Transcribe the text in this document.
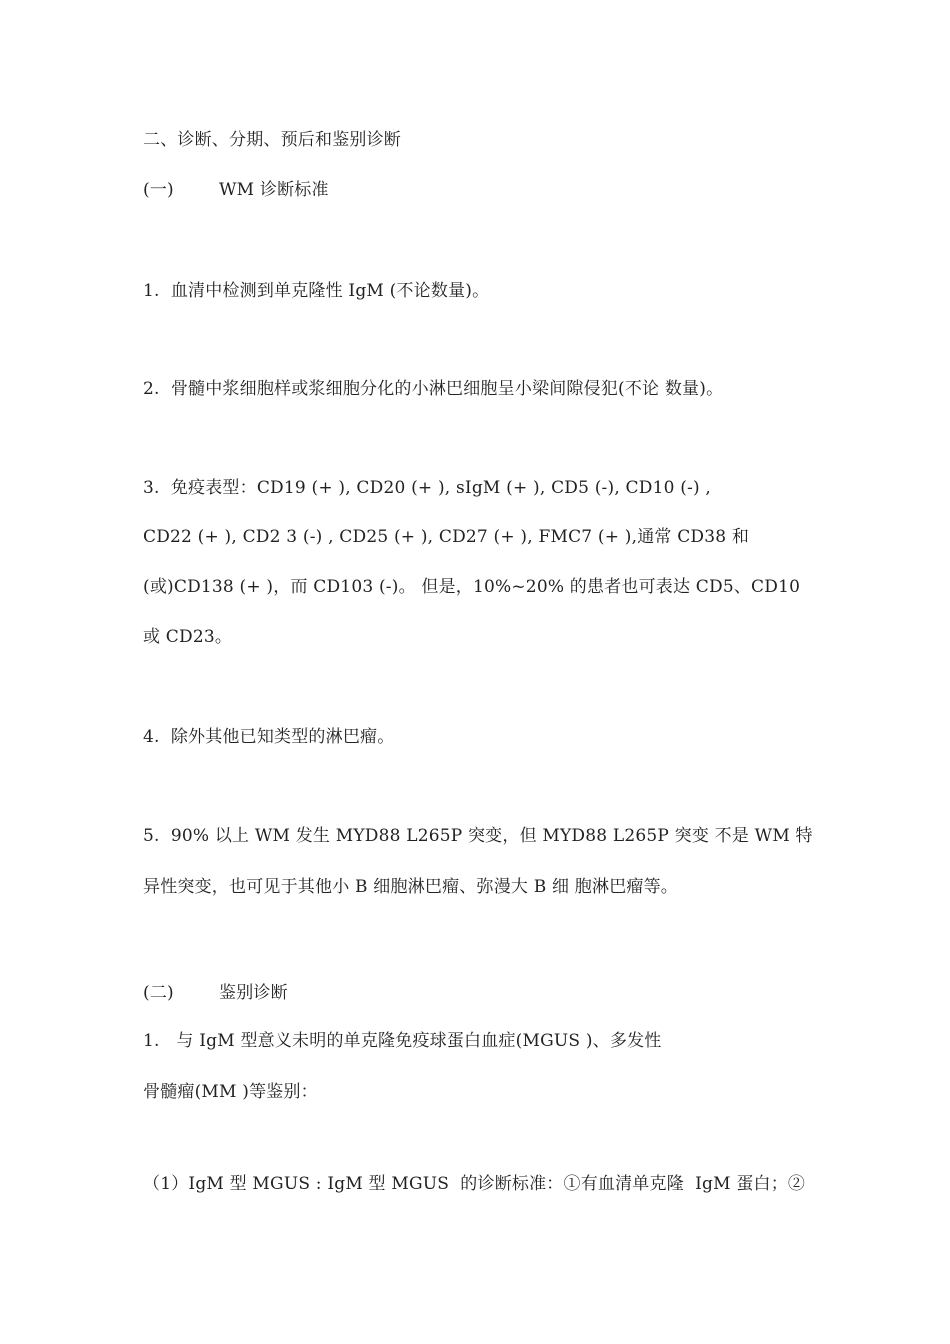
二、诊断、分期、预后和鉴别诊断
(一)	WM 诊断标准
1.  血清中检测到单克隆性 IgM (不论数量)。
2.  骨髓中浆细胞样或浆细胞分化的小淋巴细胞呈小梁间隙侵犯(不论 数量)。
3.  免疫表型：CD19 (+ ), CD20 (+ ), sIgM (+ ), CD5 (-), CD10 (-) ,
CD22 (+ ), CD2 3 (-) , CD25 (+ ), CD27 (+ ), FMC7 (+ ),通常 CD38 和
(或)CD138 (+ )，而 CD103 (-)。 但是，10%~20% 的患者也可表达 CD5、CD10
或 CD23。
4.  除外其他已知类型的淋巴瘤。
5.  90% 以上 WM 发生 MYD88 L265P 突变，但 MYD88 L265P 突变 不是 WM 特
异性突变，也可见于其他小 B 细胞淋巴瘤、弥漫大 B 细 胞淋巴瘤等。
(二)	鉴别诊断
1.   与 IgM 型意义未明的单克隆免疫球蛋白血症(MGUS )、多发性
骨髓瘤(MM )等鉴别：
（1）IgM 型 MGUS : IgM 型 MGUS  的诊断标准：①有血清单克隆  IgM 蛋白；②
